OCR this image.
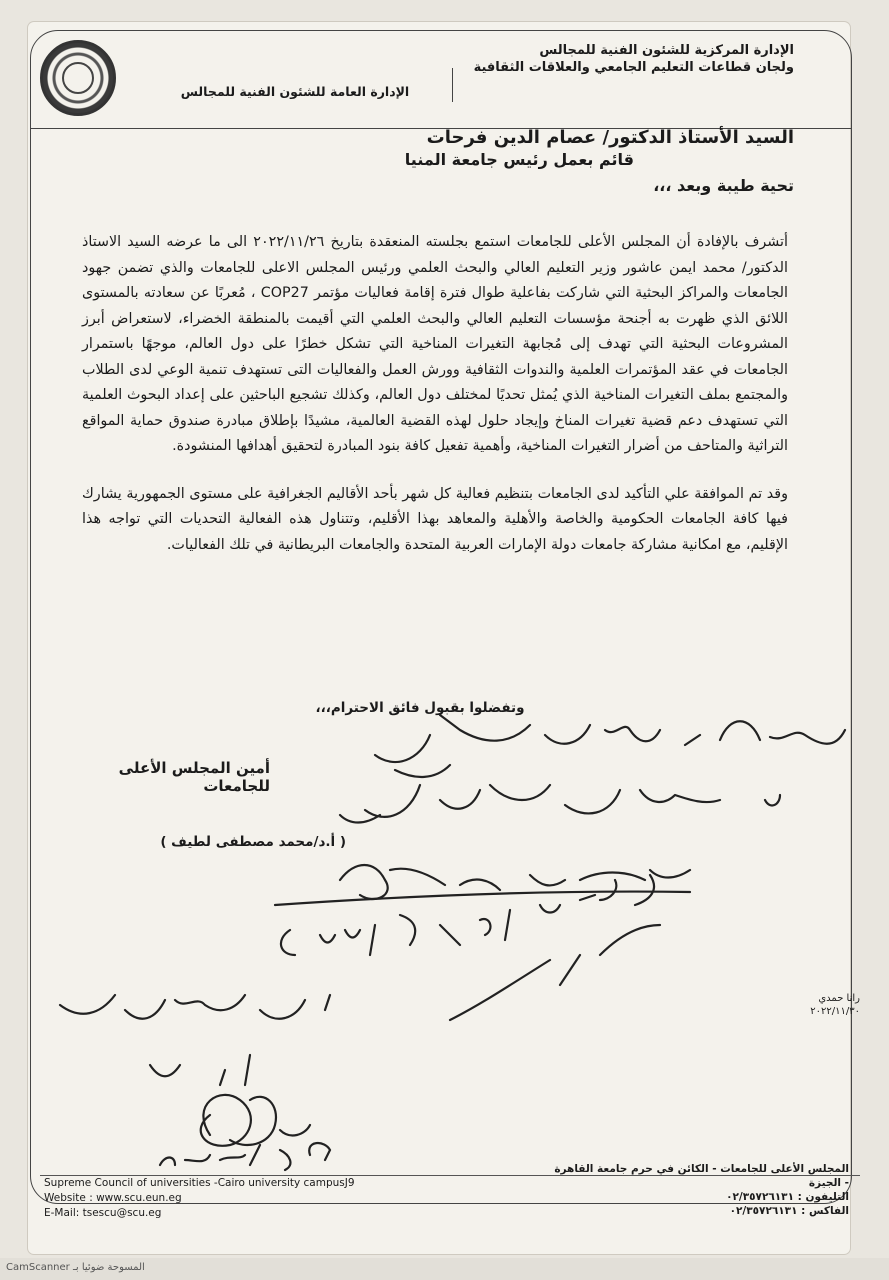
الإدارة المركزية للشئون الفنية للمجالس
ولجان قطاعات التعليم الجامعي والعلاقات الثقافية
الإدارة العامة للشئون الفنية للمجالس
السيد الأستاذ الدكتور/ عصام الدين فرحات
قائم بعمل رئيس جامعة المنيا
تحية طيبة وبعد ،،،

أتشرف بالإفادة أن المجلس الأعلى للجامعات استمع بجلسته المنعقدة بتاريخ ٢٠٢٢/١١/٢٦ الى ما عرضه السيد الاستاذ الدكتور/ محمد ايمن عاشور وزير التعليم العالي والبحث العلمي ورئيس المجلس الاعلى للجامعات والذي تضمن جهود الجامعات والمراكز البحثية التي شاركت بفاعلية طوال فترة إقامة فعاليات مؤتمر COP27 ، مُعربًا عن سعادته بالمستوى اللائق الذي ظهرت به أجنحة مؤسسات التعليم العالي والبحث العلمي التي أقيمت بالمنطقة الخضراء، لاستعراض أبرز المشروعات البحثية التي تهدف إلى مُجابهة التغيرات المناخية التي تشكل خطرًا على دول العالم، موجهًا باستمرار الجامعات في عقد المؤتمرات العلمية والندوات الثقافية وورش العمل والفعاليات التى تستهدف تنمية الوعي لدى الطلاب والمجتمع بملف التغيرات المناخية الذي يُمثل تحديًا لمختلف دول العالم، وكذلك تشجيع الباحثين على إعداد البحوث العلمية التي تستهدف دعم قضية تغيرات المناخ وإيجاد حلول لهذه القضية العالمية، مشيدًا بإطلاق مبادرة صندوق حماية المواقع التراثية والمتاحف من أضرار التغيرات المناخية، وأهمية تفعيل كافة بنود المبادرة لتحقيق أهدافها المنشودة.

وقد تم الموافقة علي التأكيد لدى الجامعات بتنظيم فعالية كل شهر بأحد الأقاليم الجغرافية على مستوى الجمهورية يشارك فيها كافة الجامعات الحكومية والخاصة والأهلية والمعاهد بهذا الأقليم، وتتناول هذه الفعالية التحديات التي تواجه هذا الإقليم، مع امكانية مشاركة جامعات دولة الإمارات العربية المتحدة والجامعات البريطانية في تلك الفعاليات.

وتفضلوا بقبول فائق الاحترام،،،
أمين المجلس الأعلى للجامعات
( أ.د/محمد مصطفى لطيف )
رانا حمدي
٢٠٢٢/١١/٣٠
Supreme Council of universities -Cairo university campusJ9
Website : www.scu.eun.eg
E-Mail: tsescu@scu.eg
المجلس الأعلى للجامعات - الكائن في حرم جامعة القاهرة - الجيزة
التليفون : ٠٢/٣٥٧٢٦١٣١
الفاكس : ٠٢/٣٥٧٢٦١٣١
CamScanner المسوحة ضوئيا بـ
